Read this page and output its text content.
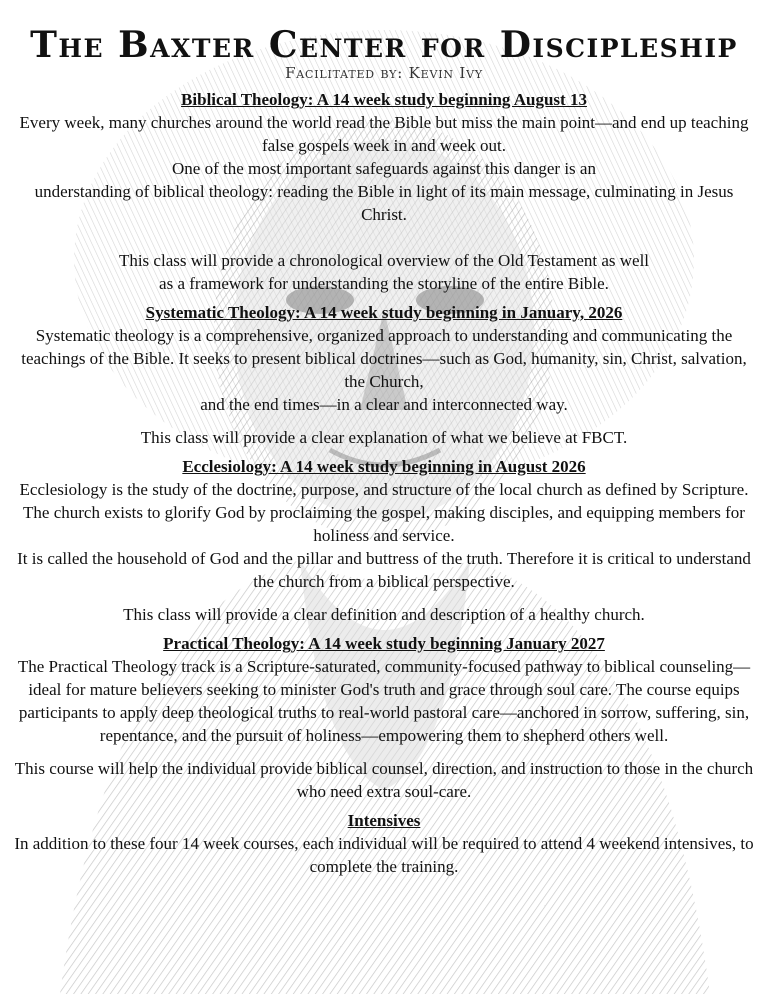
The Baxter Center for Discipleship
Facilitated by: Kevin Ivy
Biblical Theology: A 14 week study beginning August 13

Every week, many churches around the world read the Bible but miss the main point—and end up teaching false gospels week in and week out.

One of the most important safeguards against this danger is an

understanding of biblical theology: reading the Bible in light of its main message, culminating in Jesus Christ.

This class will provide a chronological overview of the Old Testament as well

as a framework for understanding the storyline of the entire Bible.

Systematic Theology: A 14 week study beginning in January, 2026

Systematic theology is a comprehensive, organized approach to understanding and communicating the teachings of the Bible. It seeks to present biblical doctrines—such as God, humanity, sin, Christ, salvation, the Church,

and the end times—in a clear and interconnected way.

This class will provide a clear explanation of what we believe at FBCT.

Ecclesiology: A 14 week study beginning in August 2026

Ecclesiology is the study of the doctrine, purpose, and structure of the local church as defined by Scripture. The church exists to glorify God by proclaiming the gospel, making disciples, and equipping members for holiness and service.

It is called the household of God and the pillar and buttress of the truth. Therefore it is critical to understand the church from a biblical perspective.

This class will provide a clear definition and description of a healthy church.

Practical Theology: A 14 week study beginning January 2027

The Practical Theology track is a Scripture-saturated, community-focused pathway to biblical counseling—ideal for mature believers seeking to minister God's truth and grace through soul care. The course equips participants to apply deep theological truths to real-world pastoral care—anchored in sorrow, suffering, sin, repentance, and the pursuit of holiness—empowering them to shepherd others well.

This course will help the individual provide biblical counsel, direction, and instruction to those in the church who need extra soul-care.

Intensives

In addition to these four 14 week courses, each individual will be required to attend 4 weekend intensives, to complete the training.
